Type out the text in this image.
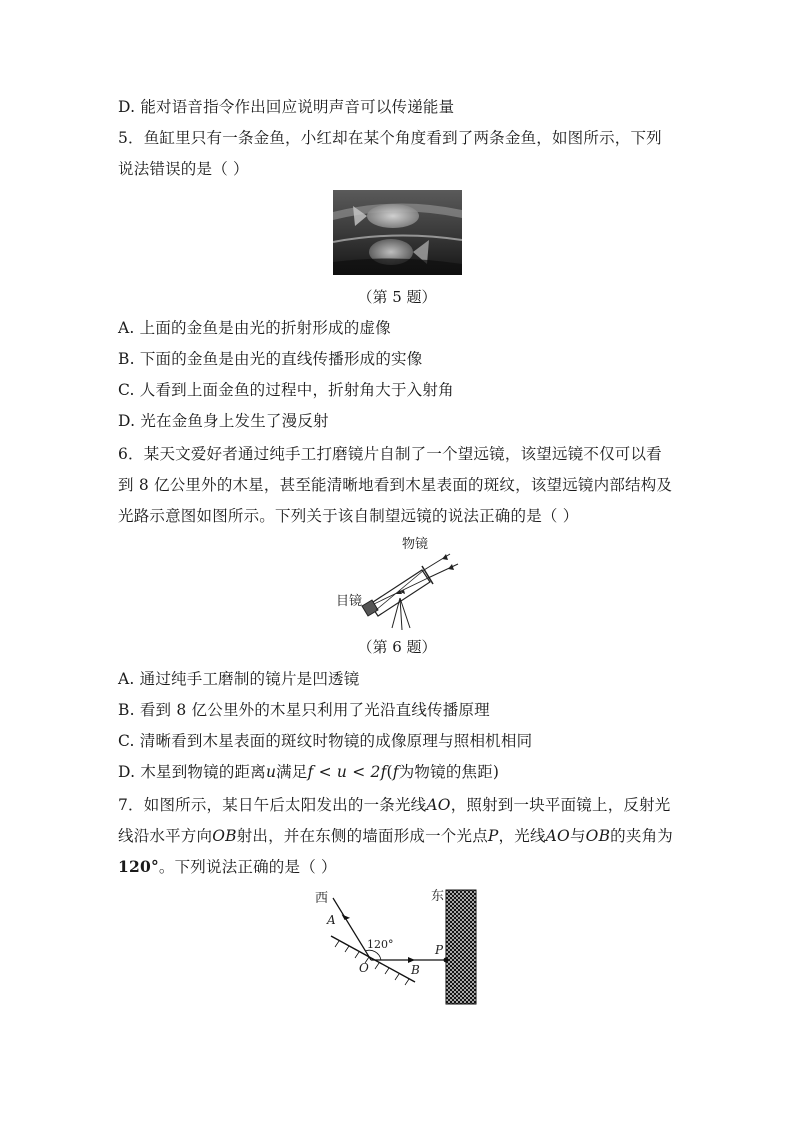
D. 能对语音指令作出回应说明声音可以传递能量
5．鱼缸里只有一条金鱼，小红却在某个角度看到了两条金鱼，如图所示，下列
说法错误的是（ ）
（第 5 题）
A. 上面的金鱼是由光的折射形成的虚像
B. 下面的金鱼是由光的直线传播形成的实像
C. 人看到上面金鱼的过程中，折射角大于入射角
D. 光在金鱼身上发生了漫反射
6．某天文爱好者通过纯手工打磨镜片自制了一个望远镜，该望远镜不仅可以看
到 8 亿公里外的木星，甚至能清晰地看到木星表面的斑纹，该望远镜内部结构及
光路示意图如图所示。下列关于该自制望远镜的说法正确的是（ ）
物镜
目镜
（第 6 题）
A. 通过纯手工磨制的镜片是凹透镜
B. 看到 8 亿公里外的木星只利用了光沿直线传播原理
C. 清晰看到木星表面的斑纹时物镜的成像原理与照相机相同
D. 木星到物镜的距离u满足f < u < 2f(f为物镜的焦距)
7．如图所示，某日午后太阳发出的一条光线AO，照射到一块平面镜上，反射光
线沿水平方向OB射出，并在东侧的墙面形成一个光点P，光线AO与OB的夹角为
120°。下列说法正确的是（ ）
西	东
A
O	B
P
120°
